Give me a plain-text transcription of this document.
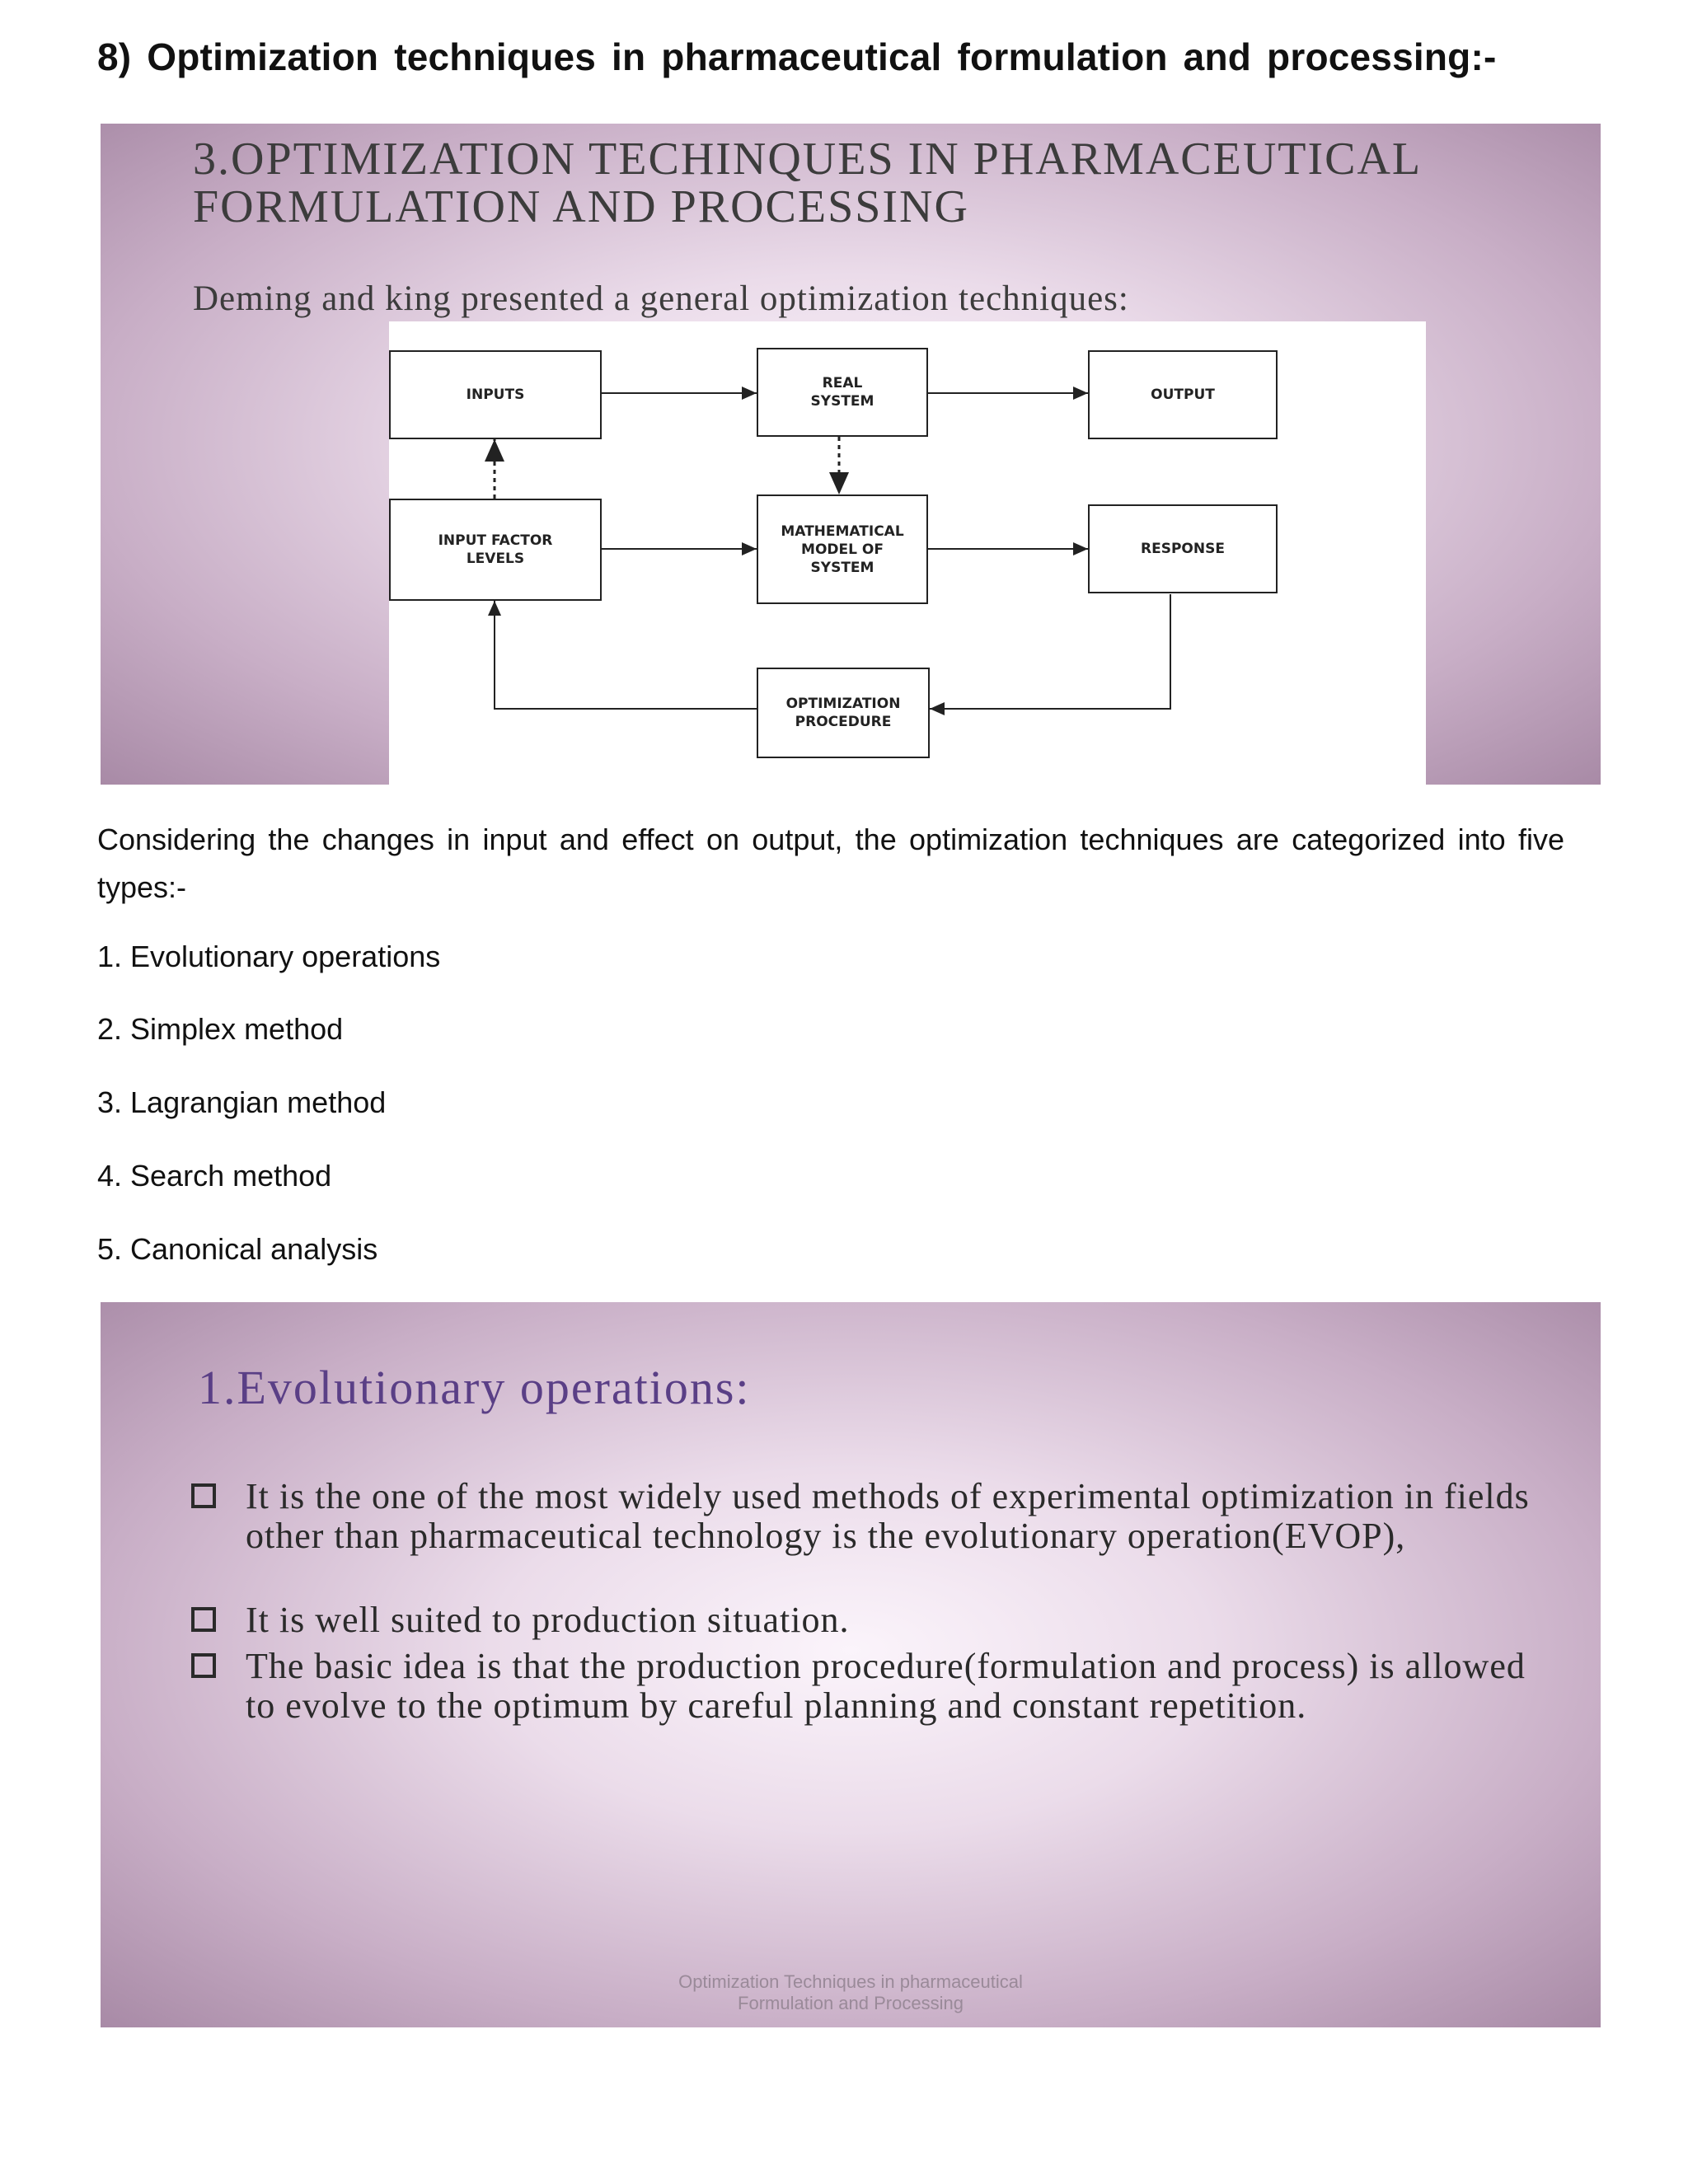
8) Optimization techniques in pharmaceutical formulation and processing:-
3.OPTIMIZATION TECHINQUES IN PHARMACEUTICAL FORMULATION AND PROCESSING
Deming and king presented a general optimization techniques:
INPUTS
REAL
SYSTEM	OUTPUT
INPUT FACTOR
LEVELS
MATHEMATICAL
MODEL OF
SYSTEM
RESPONSE
OPTIMIZATION
PROCEDURE
Considering the changes in input and effect on output, the optimization techniques are categorized into five types:-
1. Evolutionary operations
2. Simplex method
3. Lagrangian method
4. Search method
5. Canonical analysis
1.Evolutionary operations:
It is the one of the most widely used methods of experimental optimization in fields other than pharmaceutical technology is the evolutionary operation(EVOP),
It is well suited to production situation.
The basic idea is that the production procedure(formulation and process) is allowed to evolve to the optimum by careful planning and constant repetition.
Optimization Techniques in pharmaceutical
Formulation and Processing
